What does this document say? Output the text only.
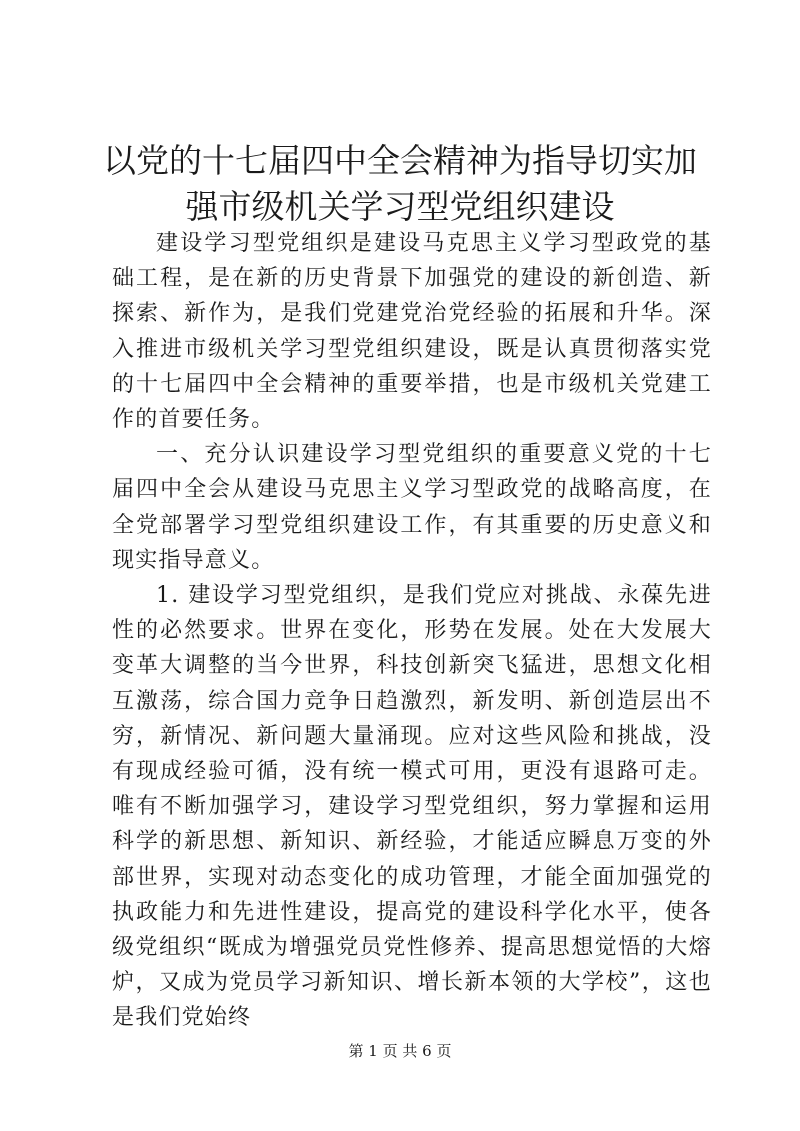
以党的十七届四中全会精神为指导切实加强市级机关学习型党组织建设

建设学习型党组织是建设马克思主义学习型政党的基础工程，是在新的历史背景下加强党的建设的新创造、新探索、新作为，是我们党建党治党经验的拓展和升华。深入推进市级机关学习型党组织建设，既是认真贯彻落实党的十七届四中全会精神的重要举措，也是市级机关党建工作的首要任务。

一、充分认识建设学习型党组织的重要意义党的十七届四中全会从建设马克思主义学习型政党的战略高度，在全党部署学习型党组织建设工作，有其重要的历史意义和现实指导意义。

1. 建设学习型党组织，是我们党应对挑战、永葆先进性的必然要求。世界在变化，形势在发展。处在大发展大变革大调整的当今世界，科技创新突飞猛进，思想文化相互激荡，综合国力竞争日趋激烈，新发明、新创造层出不穷，新情况、新问题大量涌现。应对这些风险和挑战，没有现成经验可循，没有统一模式可用，更没有退路可走。唯有不断加强学习，建设学习型党组织，努力掌握和运用科学的新思想、新知识、新经验，才能适应瞬息万变的外部世界，实现对动态变化的成功管理，才能全面加强党的执政能力和先进性建设，提高党的建设科学化水平，使各级党组织“既成为增强党员党性修养、提高思想觉悟的大熔炉，又成为党员学习新知识、增长新本领的大学校”，这也是我们党始终

第 1 页 共 6 页
